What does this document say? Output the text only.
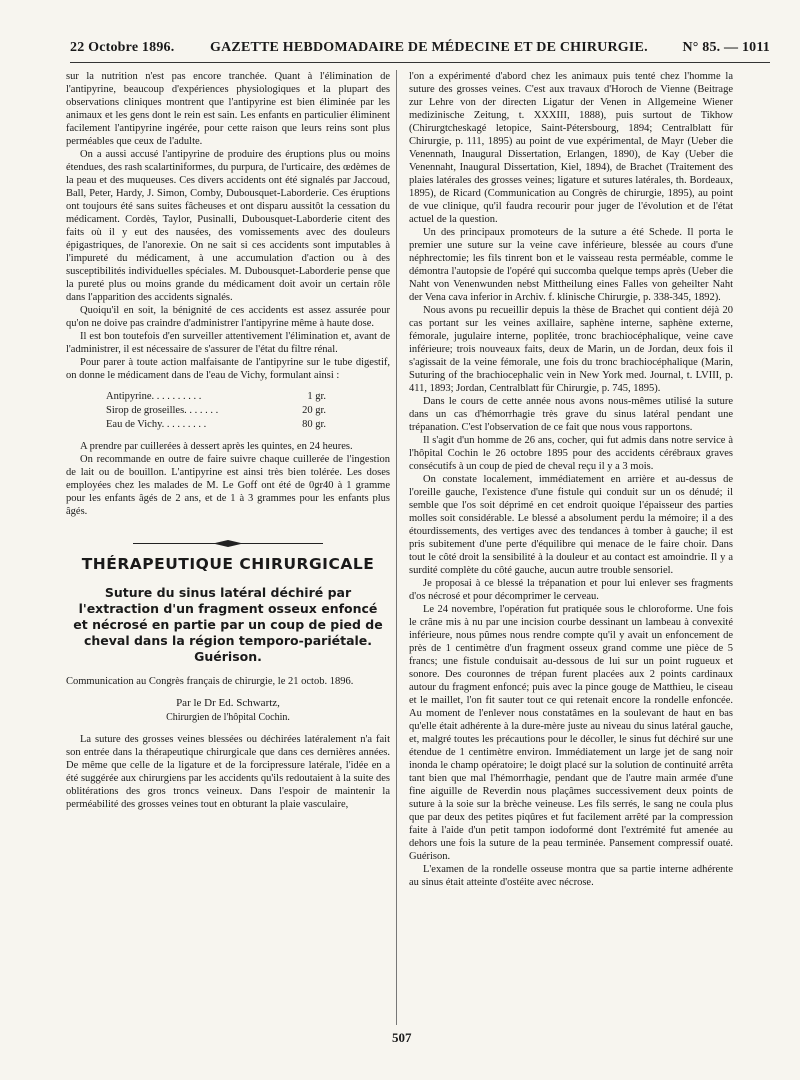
22 Octobre 1896.	GAZETTE HEBDOMADAIRE DE MÉDECINE ET DE CHIRURGIE. N° 85. — 1011

sur la nutrition n'est pas encore tranchée. Quant à l'élimination de l'antipyrine, beaucoup d'expériences physiologiques et la plupart des observations cliniques montrent que l'antipyrine est bien éliminée par les animaux et les gens dont le rein est sain. Les enfants en particulier éliminent facilement l'antipyrine ingérée, pour cette raison que leurs reins sont plus perméables que ceux de l'adulte.

On a aussi accusé l'antipyrine de produire des éruptions plus ou moins étendues, des rash scalartiniformes, du purpura, de l'urticaire, des œdèmes de la peau et des muqueuses. Ces divers accidents ont été signalés par Jaccoud, Ball, Peter, Hardy, J. Simon, Comby, Dubousquet-Laborderie. Ces éruptions ont toujours été sans suites fâcheuses et ont disparu aussitôt la cessation du médicament. Cordès, Taylor, Pusinalli, Dubousquet-Laborderie citent des faits où il y eut des nausées, des vomissements avec des douleurs épigastriques, de l'anorexie. On ne sait si ces accidents sont imputables à l'impureté du médicament, à une accumulation d'action ou à des susceptibilités individuelles spéciales. M. Dubousquet-Laborderie pense que la pureté plus ou moins grande du médicament doit avoir un certain rôle dans l'apparition des accidents signalés.

Quoiqu'il en soit, la bénignité de ces accidents est assez assurée pour qu'on ne doive pas craindre d'administrer l'antipyrine même à haute dose.

Il est bon toutefois d'en surveiller attentivement l'élimination et, avant de l'administrer, il est nécessaire de s'assurer de l'état du filtre rénal.

Pour parer à toute action malfaisante de l'antipyrine sur le tube digestif, on donne le médicament dans de l'eau de Vichy, formulant ainsi :

Antipyrine. . . . . . . . . .	1 gr.
Sirop de groseilles. . . . . . .	20 gr.
Eau de Vichy. . . . . . . . .	80 gr.

A prendre par cuillerées à dessert après les quintes, en 24 heures.

On recommande en outre de faire suivre chaque cuillerée de l'ingestion de lait ou de bouillon. L'antipyrine est ainsi très bien tolérée. Les doses employées chez les malades de M. Le Goff ont été de 0gr40 à 1 gramme pour les enfants âgés de 2 ans, et de 1 à 3 grammes pour les enfants plus âgés.

THÉRAPEUTIQUE CHIRURGICALE
Suture du sinus latéral déchiré par l'extraction d'un fragment osseux enfoncé et nécrosé en partie par un coup de pied de cheval dans la région temporo-pariétale. Guérison.
Communication au Congrès français de chirurgie, le 21 octob. 1896.
Par le Dr Ed. Schwartz,
Chirurgien de l'hôpital Cochin.

La suture des grosses veines blessées ou déchirées latéralement n'a fait son entrée dans la thérapeutique chirurgicale que dans ces dernières années. De même que celle de la ligature et de la forcipressure latérale, l'idée en a été suggérée aux chirurgiens par les accidents qu'ils redoutaient à la suite des oblitérations des gros troncs veineux. Dans l'espoir de maintenir la perméabilité des grosses veines tout en obturant la plaie vasculaire,

l'on a expérimenté d'abord chez les animaux puis tenté chez l'homme la suture des grosses veines. C'est aux travaux d'Horoch de Vienne (Beitrage zur Lehre von der directen Ligatur der Venen in Allgemeine Wiener medizinische Zeitung, t. XXXIII, 1888), puis surtout de Tikhow (Chirurgtcheskagé letopice, Saint-Pétersbourg, 1894; Centralblatt für Chirurgie, p. 111, 1895) au point de vue expérimental, de Mayr (Ueber die Venennath, Inaugural Dissertation, Erlangen, 1890), de Kay (Ueber die Venennaht, Inaugural Dissertation, Kiel, 1894), de Brachet (Traitement des plaies latérales des grosses veines; ligature et sutures latérales, th. Bordeaux, 1895), de Ricard (Communication au Congrès de chirurgie, 1895), au point de vue clinique, qu'il faudra recourir pour juger de l'évolution et de l'état actuel de la question.

Un des principaux promoteurs de la suture a été Schede. Il porta le premier une suture sur la veine cave inférieure, blessée au cours d'une néphrectomie; les fils tinrent bon et le vaisseau resta perméable, comme le démontra l'autopsie de l'opéré qui succomba quelque temps après (Ueber die Naht von Venenwunden nebst Mittheilung eines Falles von geheilter Naht der Vena cava inferior in Archiv. f. klinische Chirurgie, p. 338-345, 1892).

Nous avons pu recueillir depuis la thèse de Brachet qui contient déjà 20 cas portant sur les veines axillaire, saphène interne, saphène externe, fémorale, jugulaire interne, poplitée, tronc brachiocéphalique, veine cave inférieure; trois nouveaux faits, deux de Marin, un de Jordan, deux fois il s'agissait de la veine fémorale, une fois du tronc brachiocéphalique (Marin, Suturing of the brachiocephalic vein in New York med. Journal, t. LVIII, p. 411, 1893; Jordan, Centralblatt für Chirurgie, p. 745, 1895).

Dans le cours de cette année nous avons nous-mêmes utilisé la suture dans un cas d'hémorrhagie très grave du sinus latéral pendant une trépanation. C'est l'observation de ce fait que nous vous rapportons.

Il s'agit d'un homme de 26 ans, cocher, qui fut admis dans notre service à l'hôpital Cochin le 26 octobre 1895 pour des accidents cérébraux graves consécutifs à un coup de pied de cheval reçu il y a 3 mois.

On constate localement, immédiatement en arrière et au-dessus de l'oreille gauche, l'existence d'une fistule qui conduit sur un os dénudé; il semble que l'os soit déprimé en cet endroit quoique l'épaisseur des parties molles soit considérable. Le blessé a absolument perdu la mémoire; il a des étourdissements, des vertiges avec des tendances à tomber à gauche; il est pris subitement d'une perte d'équilibre qui menace de le faire choir. Dans tout le côté droit la sensibilité à la douleur et au contact est amoindrie. Il y a surdité complète du côté gauche, aucun autre trouble sensoriel.

Je proposai à ce blessé la trépanation et pour lui enlever ses fragments d'os nécrosé et pour décomprimer le cerveau.

Le 24 novembre, l'opération fut pratiquée sous le chloroforme. Une fois le crâne mis à nu par une incision courbe dessinant un lambeau à convexité inférieure, nous pûmes nous rendre compte qu'il y avait un enfoncement de près de 1 centimètre d'un fragment osseux grand comme une pièce de 5 francs; une fistule conduisait au-dessous de lui sur un point rugueux et sonore. Des couronnes de trépan furent placées aux 2 points cardinaux autour du fragment enfoncé; puis avec la pince gouge de Matthieu, le ciseau et le maillet, l'on fit sauter tout ce qui retenait encore la rondelle enfoncée. Au moment de l'enlever nous constatâmes en la soulevant de haut en bas qu'elle était adhérente à la dure-mère juste au niveau du sinus latéral gauche, et, malgré toutes les précautions pour le décoller, le sinus fut déchiré sur une étendue de 1 centimètre environ. Immédiatement un large jet de sang noir inonda le champ opératoire; le doigt placé sur la solution de continuité arrêta tant bien que mal l'hémorrhagie, pendant que de l'autre main armée d'une fine aiguille de Reverdin nous plaçâmes successivement deux points de suture à la soie sur la brèche veineuse. Les fils serrés, le sang ne coula plus que par deux des petites piqûres et fut facilement arrêté par la compression faite à l'aide d'un petit tampon iodoformé dont l'extrémité fut amenée au dehors une fois la suture de la peau terminée. Pansement compressif ouaté. Guérison.

L'examen de la rondelle osseuse montra que sa partie interne adhérente au sinus était atteinte d'ostéite avec nécrose.

507
